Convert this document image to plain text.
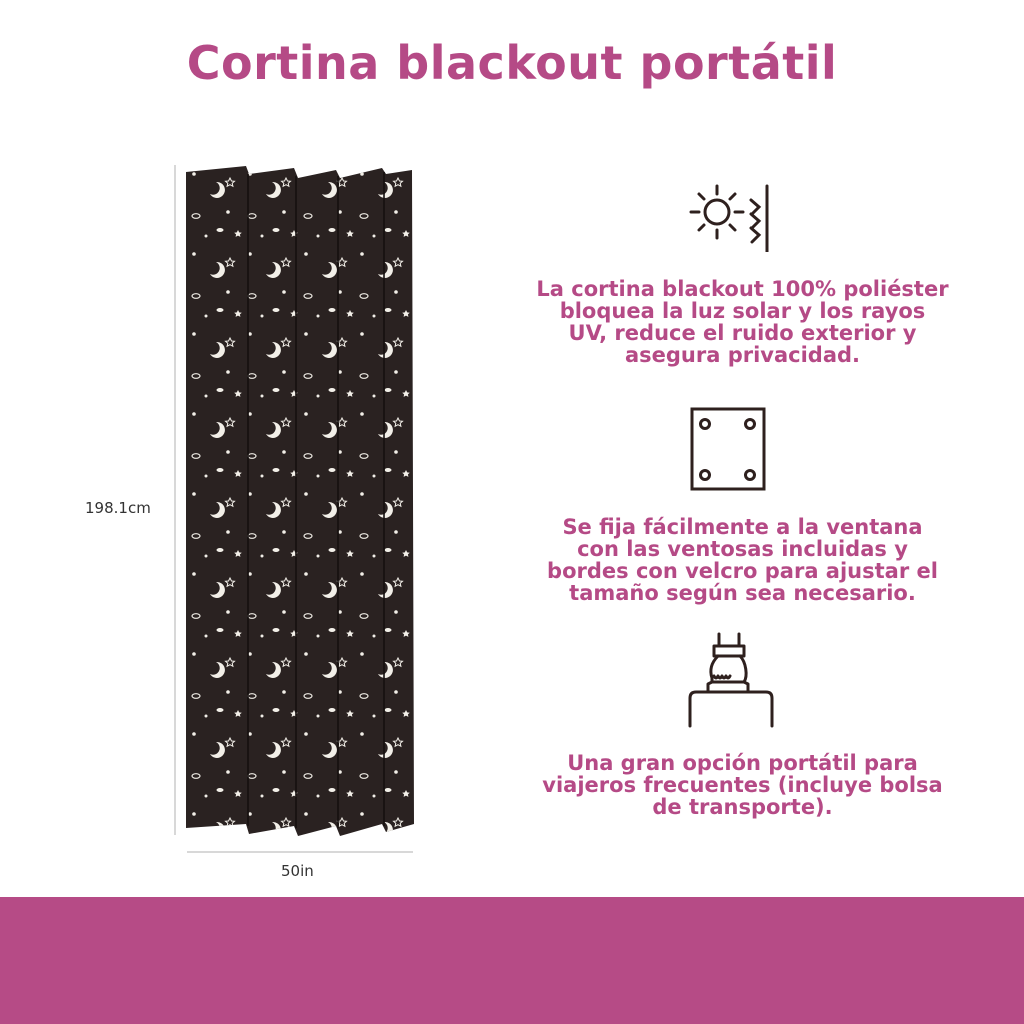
Cortina blackout portátil
198.1cm
50in
La cortina blackout 100% poliéster
bloquea la luz solar y los rayos
UV, reduce el ruido exterior y
asegura privacidad.
Se fija fácilmente a la ventana
con las ventosas incluidas y
bordes con velcro para ajustar el
tamaño según sea necesario.
Una gran opción portátil para
viajeros frecuentes (incluye bolsa
de transporte).
